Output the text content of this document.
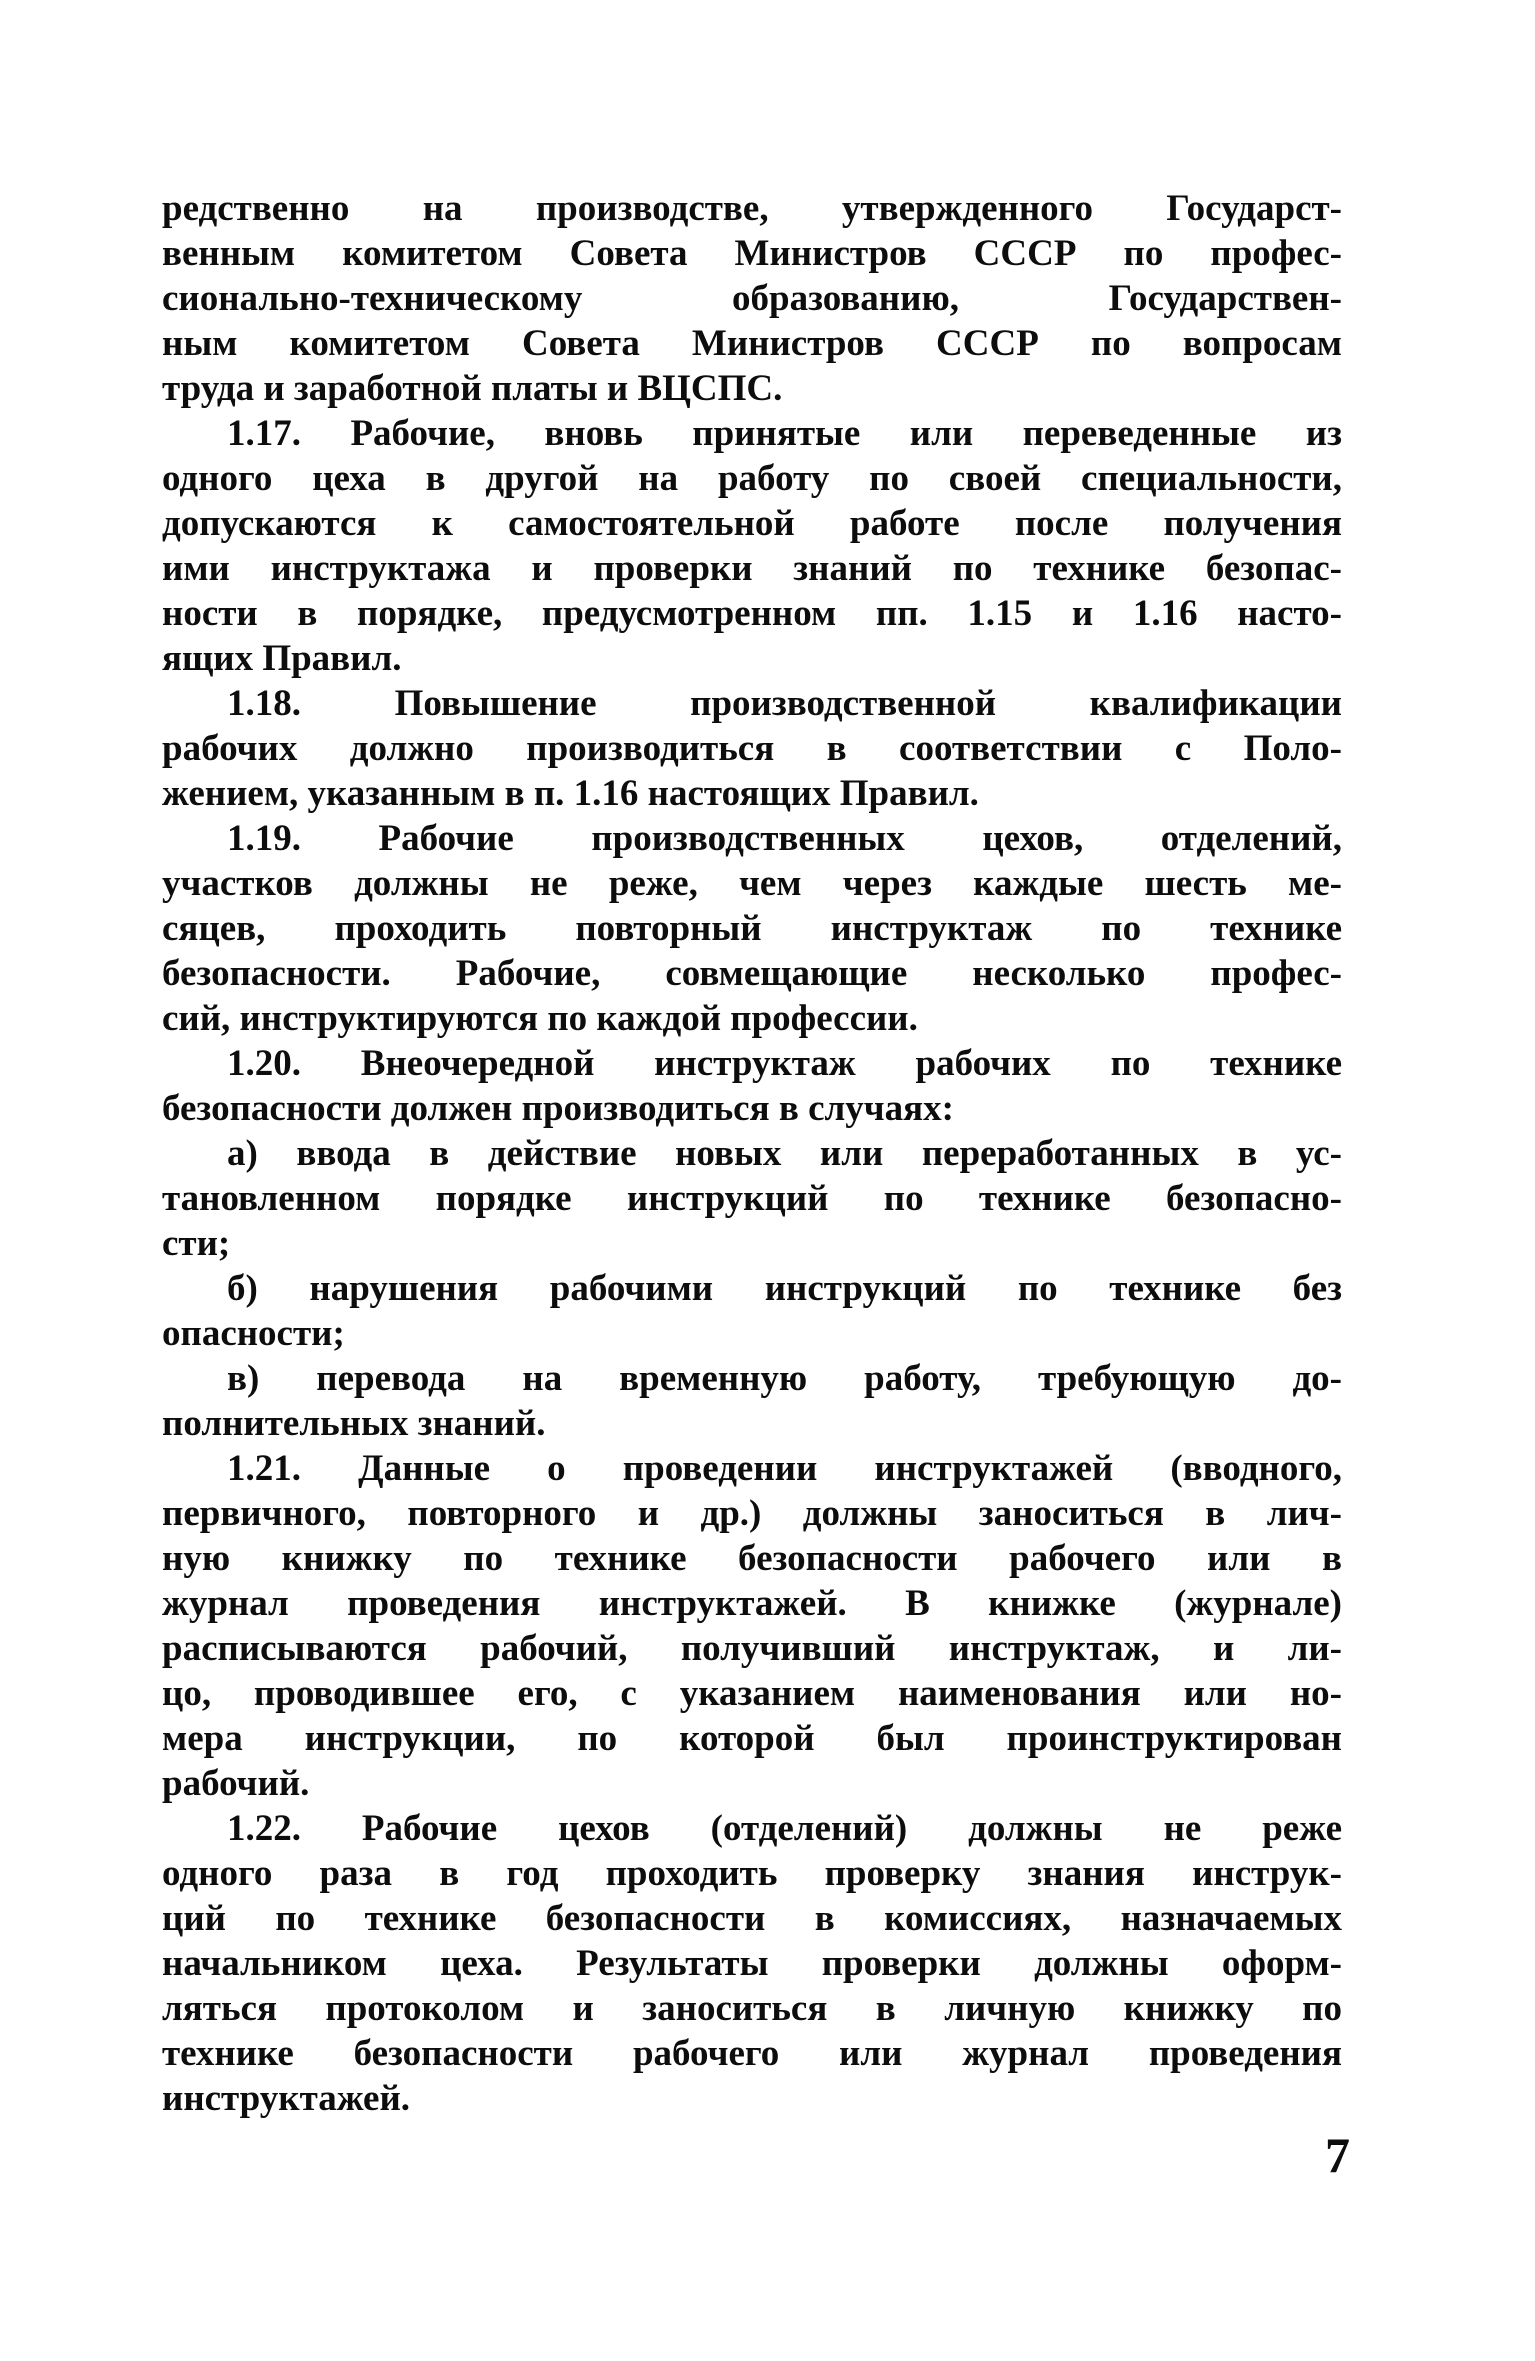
редственно на производстве, утвержденного Государст-
венным комитетом Совета Министров СССР по профес-
сионально-техническому образованию, Государствен-
ным комитетом Совета Министров СССР по вопросам
труда и заработной платы и ВЦСПС.
1.17. Рабочие, вновь принятые или переведенные из
одного цеха в другой на работу по своей специальности,
допускаются к самостоятельной работе после получения
ими инструктажа и проверки знаний по технике безопас-
ности в порядке, предусмотренном пп. 1.15 и 1.16 насто-
ящих Правил.
1.18. Повышение производственной квалификации
рабочих должно производиться в соответствии с Поло-
жением, указанным в п. 1.16 настоящих Правил.
1.19. Рабочие производственных цехов, отделений,
участков должны не реже, чем через каждые шесть ме-
сяцев, проходить повторный инструктаж по технике
безопасности. Рабочие, совмещающие несколько профес-
сий, инструктируются по каждой профессии.
1.20. Внеочередной инструктаж рабочих по технике
безопасности должен производиться в случаях:
а) ввода в действие новых или переработанных в ус-
тановленном порядке инструкций по технике безопасно-
сти;
б) нарушения рабочими инструкций по технике без
опасности;
в) перевода на временную работу, требующую до-
полнительных знаний.
1.21. Данные о проведении инструктажей (вводного,
первичного, повторного и др.) должны заноситься в лич-
ную книжку по технике безопасности рабочего или в
журнал проведения инструктажей. В книжке (журнале)
расписываются рабочий, получивший инструктаж, и ли-
цо, проводившее его, с указанием наименования или но-
мера инструкции, по которой был проинструктирован
рабочий.
1.22. Рабочие цехов (отделений) должны не реже
одного раза в год проходить проверку знания инструк-
ций по технике безопасности в комиссиях, назначаемых
начальником цеха. Результаты проверки должны оформ-
ляться протоколом и заноситься в личную книжку по
технике безопасности рабочего или журнал проведения
инструктажей.
7
